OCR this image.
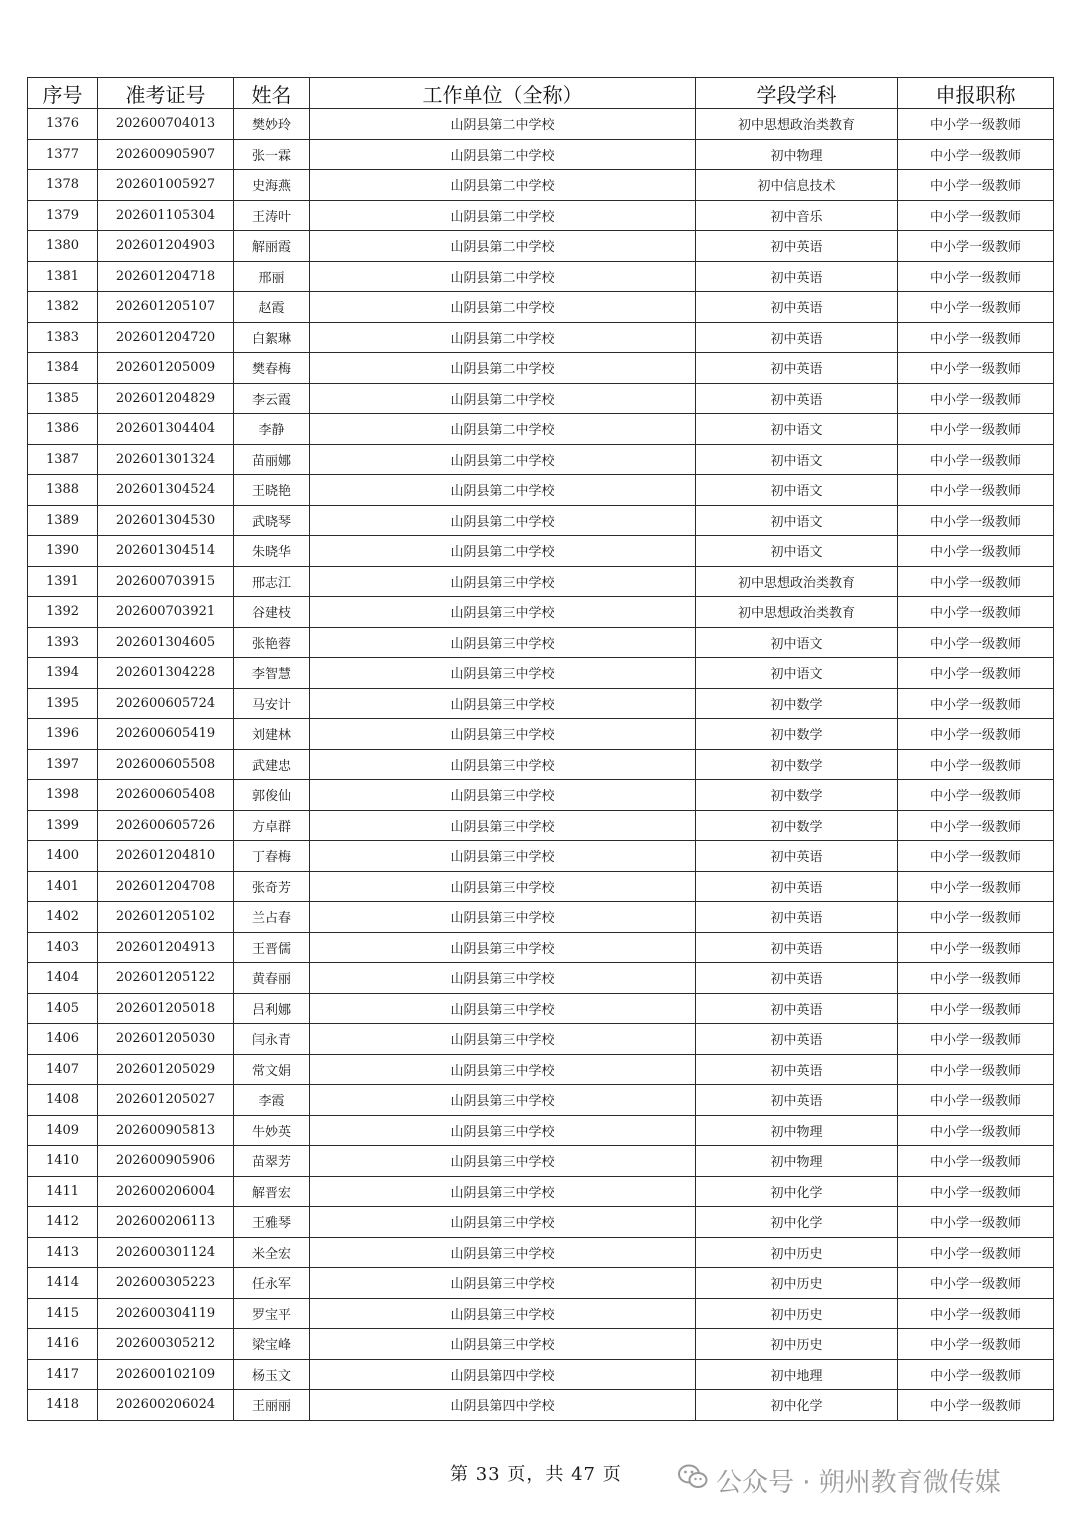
序号	准考证号	姓名	工作单位（全称）	学段学科	申报职称
1376	202600704013	樊妙玲	山阴县第二中学校	初中思想政治类教育	中小学一级教师
1377	202600905907	张一霖	山阴县第二中学校	初中物理	中小学一级教师
1378	202601005927	史海燕	山阴县第二中学校	初中信息技术	中小学一级教师
1379	202601105304	王涛叶	山阴县第二中学校	初中音乐	中小学一级教师
1380	202601204903	解丽霞	山阴县第二中学校	初中英语	中小学一级教师
1381	202601204718	邢丽	山阴县第二中学校	初中英语	中小学一级教师
1382	202601205107	赵霞	山阴县第二中学校	初中英语	中小学一级教师
1383	202601204720	白絮琳	山阴县第二中学校	初中英语	中小学一级教师
1384	202601205009	樊春梅	山阴县第二中学校	初中英语	中小学一级教师
1385	202601204829	李云霞	山阴县第二中学校	初中英语	中小学一级教师
1386	202601304404	李静	山阴县第二中学校	初中语文	中小学一级教师
1387	202601301324	苗丽娜	山阴县第二中学校	初中语文	中小学一级教师
1388	202601304524	王晓艳	山阴县第二中学校	初中语文	中小学一级教师
1389	202601304530	武晓琴	山阴县第二中学校	初中语文	中小学一级教师
1390	202601304514	朱晓华	山阴县第二中学校	初中语文	中小学一级教师
1391	202600703915	邢志江	山阴县第三中学校	初中思想政治类教育	中小学一级教师
1392	202600703921	谷建枝	山阴县第三中学校	初中思想政治类教育	中小学一级教师
1393	202601304605	张艳蓉	山阴县第三中学校	初中语文	中小学一级教师
1394	202601304228	李智慧	山阴县第三中学校	初中语文	中小学一级教师
1395	202600605724	马安计	山阴县第三中学校	初中数学	中小学一级教师
1396	202600605419	刘建林	山阴县第三中学校	初中数学	中小学一级教师
1397	202600605508	武建忠	山阴县第三中学校	初中数学	中小学一级教师
1398	202600605408	郭俊仙	山阴县第三中学校	初中数学	中小学一级教师
1399	202600605726	方卓群	山阴县第三中学校	初中数学	中小学一级教师
1400	202601204810	丁春梅	山阴县第三中学校	初中英语	中小学一级教师
1401	202601204708	张奇芳	山阴县第三中学校	初中英语	中小学一级教师
1402	202601205102	兰占春	山阴县第三中学校	初中英语	中小学一级教师
1403	202601204913	王晋儒	山阴县第三中学校	初中英语	中小学一级教师
1404	202601205122	黄春丽	山阴县第三中学校	初中英语	中小学一级教师
1405	202601205018	吕利娜	山阴县第三中学校	初中英语	中小学一级教师
1406	202601205030	闫永青	山阴县第三中学校	初中英语	中小学一级教师
1407	202601205029	常文娟	山阴县第三中学校	初中英语	中小学一级教师
1408	202601205027	李霞	山阴县第三中学校	初中英语	中小学一级教师
1409	202600905813	牛妙英	山阴县第三中学校	初中物理	中小学一级教师
1410	202600905906	苗翠芳	山阴县第三中学校	初中物理	中小学一级教师
1411	202600206004	解晋宏	山阴县第三中学校	初中化学	中小学一级教师
1412	202600206113	王雅琴	山阴县第三中学校	初中化学	中小学一级教师
1413	202600301124	米全宏	山阴县第三中学校	初中历史	中小学一级教师
1414	202600305223	任永军	山阴县第三中学校	初中历史	中小学一级教师
1415	202600304119	罗宝平	山阴县第三中学校	初中历史	中小学一级教师
1416	202600305212	梁宝峰	山阴县第三中学校	初中历史	中小学一级教师
1417	202600102109	杨玉文	山阴县第四中学校	初中地理	中小学一级教师
1418	202600206024	王丽丽	山阴县第四中学校	初中化学	中小学一级教师
第 33 页，共 47 页	公众号 · 朔州教育微传媒
